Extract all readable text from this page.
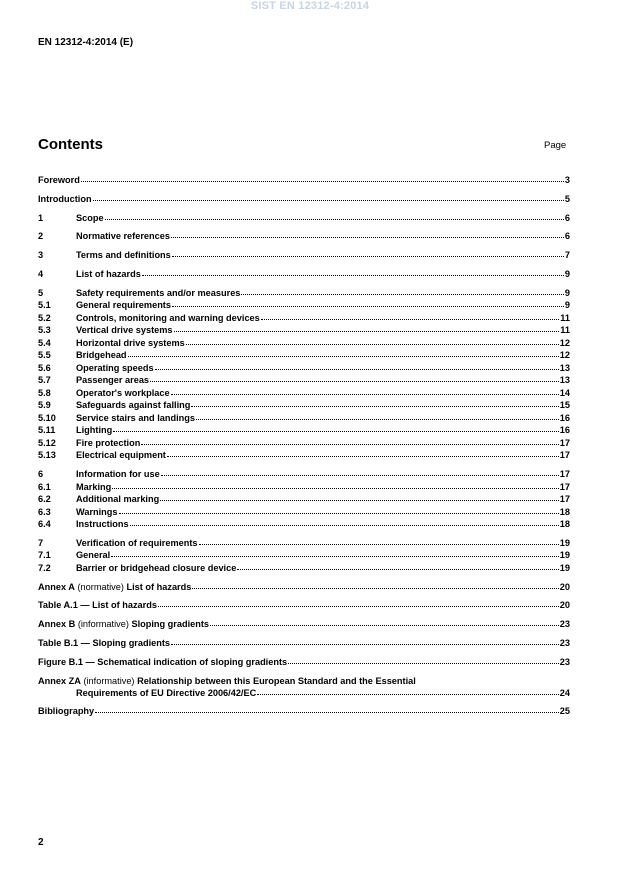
SIST EN 12312-4:2014
EN 12312-4:2014 (E)
Contents	Page
Foreword	3
Introduction	5
1	Scope	6
2	Normative references	6
3	Terms and definitions	7
4	List of hazards	9
5	Safety requirements and/or measures	9
5.1	General requirements	9
5.2	Controls, monitoring and warning devices	11
5.3	Vertical drive systems	11
5.4	Horizontal drive systems	12
5.5	Bridgehead	12
5.6	Operating speeds	13
5.7	Passenger areas	13
5.8	Operator's workplace	14
5.9	Safeguards against falling	15
5.10	Service stairs and landings	16
5.11	Lighting	16
5.12	Fire protection	17
5.13	Electrical equipment	17
6	Information for use	17
6.1	Marking	17
6.2	Additional marking	17
6.3	Warnings	18
6.4	Instructions	18
7	Verification of requirements	19
7.1	General	19
7.2	Barrier or bridgehead closure device	19
Annex A (normative) List of hazards	20
Table A.1 — List of hazards	20
Annex B (informative) Sloping gradients	23
Table B.1 — Sloping gradients	23
Figure B.1 — Schematical indication of sloping gradients	23
Annex ZA (informative) Relationship between this European Standard and the Essential
Requirements of EU Directive 2006/42/EC	24
Bibliography	25
2
